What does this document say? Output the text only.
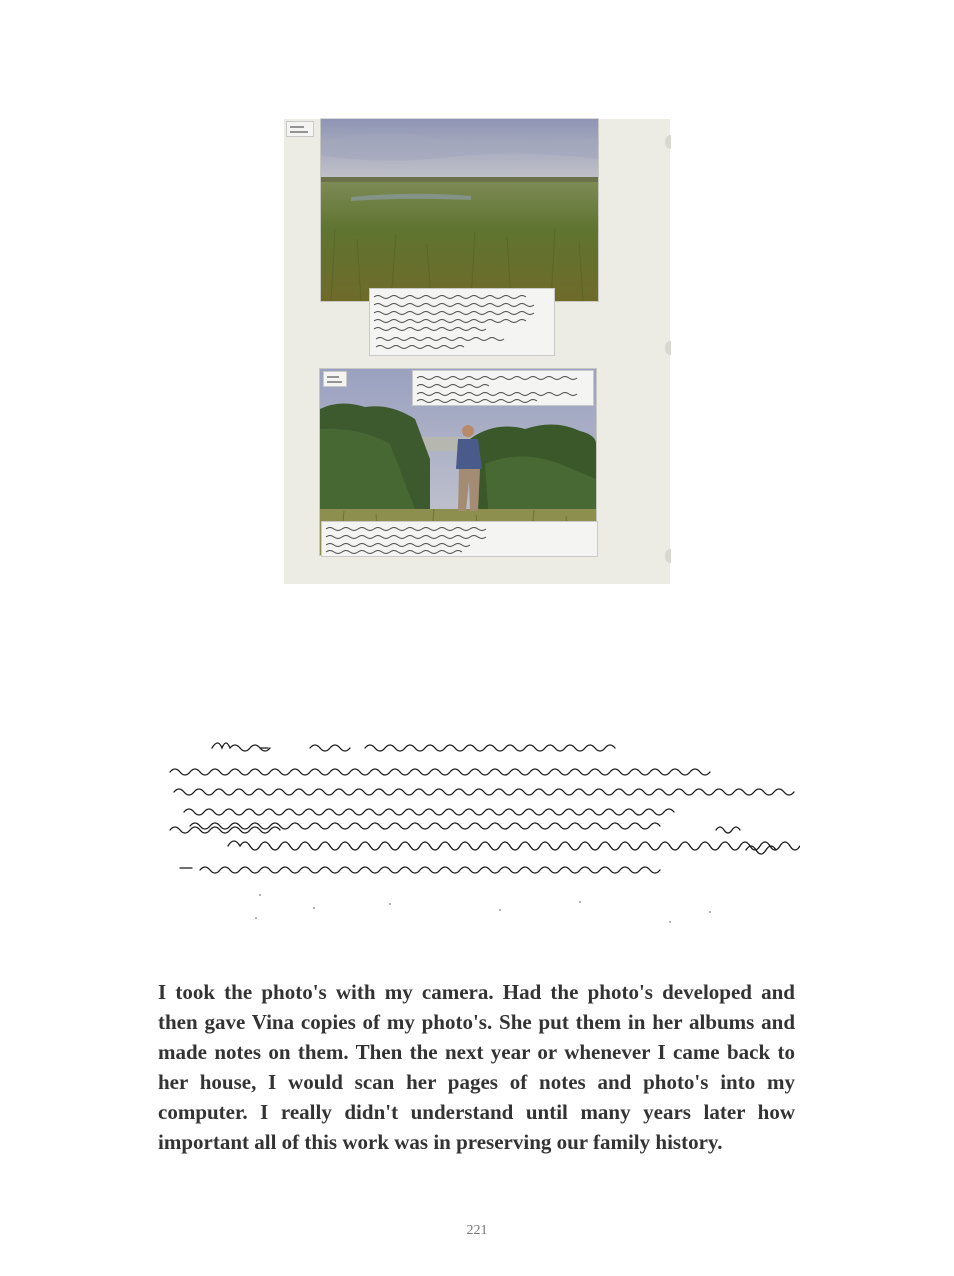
I took the photo's with my camera. Had the photo's developed and then gave Vina copies of my photo's. She put them in her albums and made notes on them. Then the next year or whenever I came back to her house, I would scan her pages of notes and photo's into my computer. I really didn't understand until many years later how important all of this work was in preserving our family history.

221
